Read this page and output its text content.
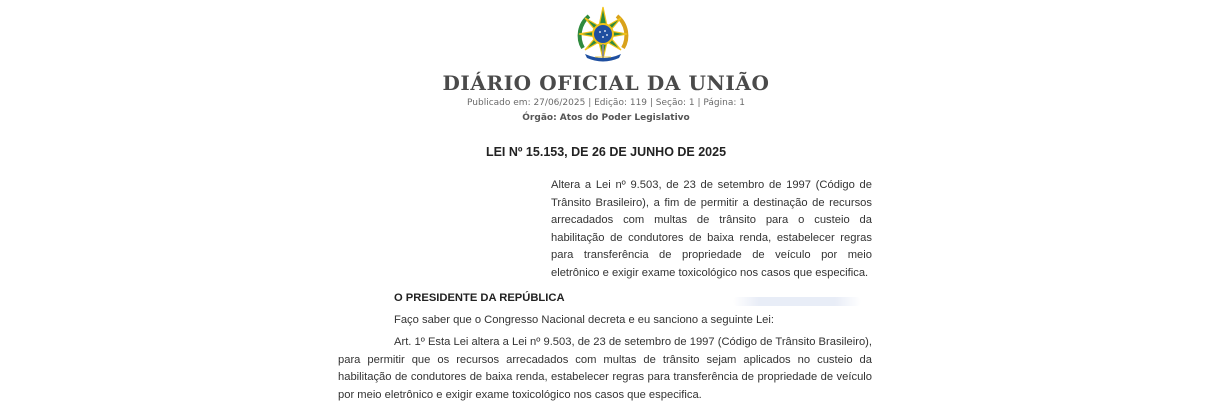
DIÁRIO OFICIAL DA UNIÃO
Publicado em: 27/06/2025 | Edição: 119 | Seção: 1 | Página: 1
Órgão: Atos do Poder Legislativo
LEI Nº 15.153, DE 26 DE JUNHO DE 2025
Altera a Lei nº 9.503, de 23 de setembro de 1997 (Código de
Trânsito Brasileiro), a fim de permitir a destinação de recursos
arrecadados com multas de trânsito para o custeio da
habilitação de condutores de baixa renda, estabelecer regras
para transferência de propriedade de veículo por meio
eletrônico e exigir exame toxicológico nos casos que especifica.
O PRESIDENTE DA REPÚBLICA
Faço saber que o Congresso Nacional decreta e eu sanciono a seguinte Lei:
Art. 1º Esta Lei altera a Lei nº 9.503, de 23 de setembro de 1997 (Código de Trânsito Brasileiro),
para permitir que os recursos arrecadados com multas de trânsito sejam aplicados no custeio da
habilitação de condutores de baixa renda, estabelecer regras para transferência de propriedade de veículo
por meio eletrônico e exigir exame toxicológico nos casos que especifica.
